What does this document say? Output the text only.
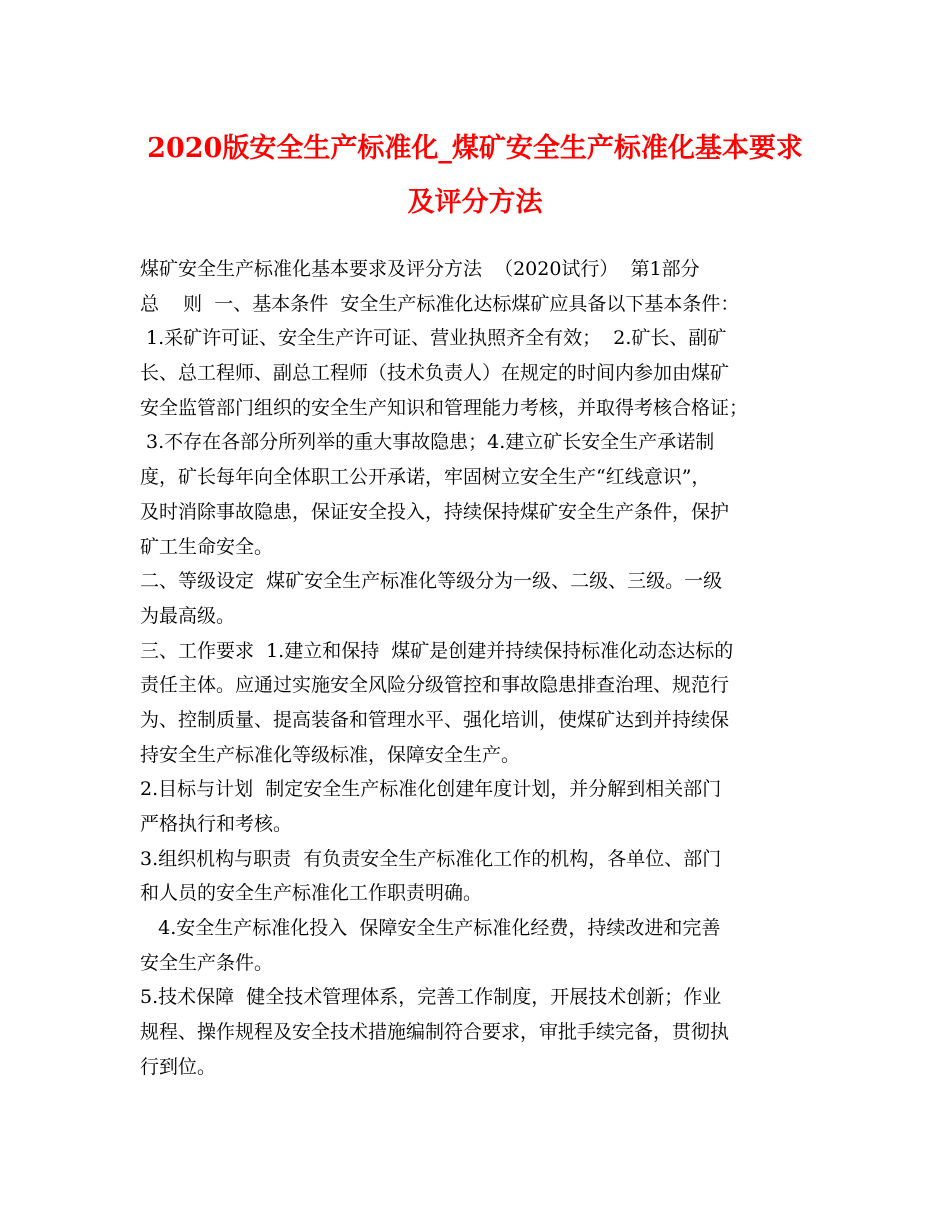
2020版安全生产标准化_煤矿安全生产标准化基本要求
及评分方法
煤矿安全生产标准化基本要求及评分方法  （2020试行）  第1部分
总    则  一、基本条件  安全生产标准化达标煤矿应具备以下基本条件：
1.采矿许可证、安全生产许可证、营业执照齐全有效；  2.矿长、副矿
长、总工程师、副总工程师（技术负责人）在规定的时间内参加由煤矿
安全监管部门组织的安全生产知识和管理能力考核，并取得考核合格证；
3.不存在各部分所列举的重大事故隐患；4.建立矿长安全生产承诺制
度，矿长每年向全体职工公开承诺，牢固树立安全生产“红线意识”，
及时消除事故隐患，保证安全投入，持续保持煤矿安全生产条件，保护
矿工生命安全。
二、等级设定  煤矿安全生产标准化等级分为一级、二级、三级。一级
为最高级。
三、工作要求  1.建立和保持  煤矿是创建并持续保持标准化动态达标的
责任主体。应通过实施安全风险分级管控和事故隐患排查治理、规范行
为、控制质量、提高装备和管理水平、强化培训，使煤矿达到并持续保
持安全生产标准化等级标准，保障安全生产。
2.目标与计划  制定安全生产标准化创建年度计划，并分解到相关部门
严格执行和考核。
3.组织机构与职责  有负责安全生产标准化工作的机构，各单位、部门
和人员的安全生产标准化工作职责明确。
4.安全生产标准化投入  保障安全生产标准化经费，持续改进和完善
安全生产条件。
5.技术保障  健全技术管理体系，完善工作制度，开展技术创新；作业
规程、操作规程及安全技术措施编制符合要求，审批手续完备，贯彻执
行到位。
